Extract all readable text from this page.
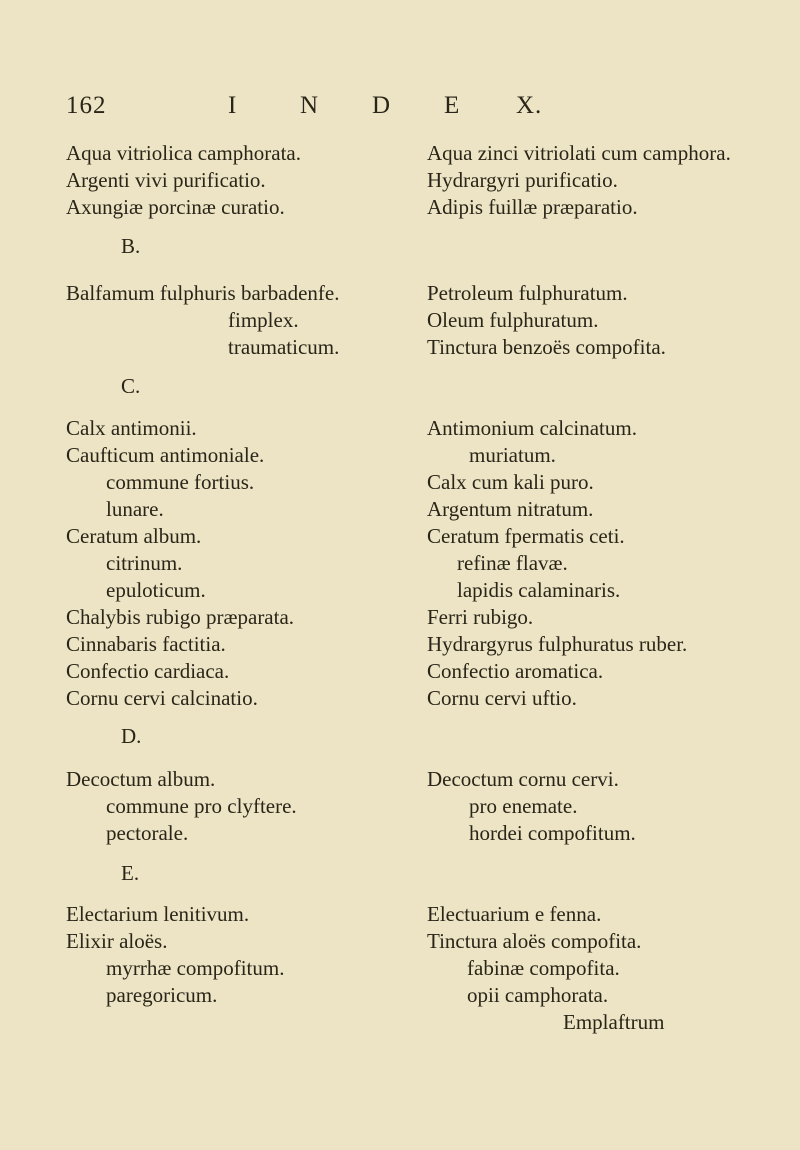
162	I	N D E X.
Aqua vitriolica camphorata.
Argenti vivi purificatio.
Axungiæ porcinæ curatio.
Aqua zinci vitriolati cum camphora.
Hydrargyri purificatio.
Adipis fuillæ præparatio.
B.
Balfamum fulphuris barbadenfe.
fimplex.
traumaticum.
Petroleum fulphuratum.
Oleum fulphuratum.
Tinctura benzoës compofita.
C.
Calx antimonii.
Caufticum antimoniale.
commune fortius.
lunare.
Ceratum album.
citrinum.
epuloticum.
Chalybis rubigo præparata.
Cinnabaris factitia.
Confectio cardiaca.
Cornu cervi calcinatio.
Antimonium calcinatum.
muriatum.
Calx cum kali puro.
Argentum nitratum.
Ceratum fpermatis ceti.
refinæ flavæ.
lapidis calaminaris.
Ferri rubigo.
Hydrargyrus fulphuratus ruber.
Confectio aromatica.
Cornu cervi uftio.
D.
Decoctum album.
commune pro clyftere.
pectorale.
Decoctum cornu cervi.
pro enemate.
hordei compofitum.
E.
Electarium lenitivum.
Elixir aloës.
myrrhæ compofitum.
paregoricum.
Electuarium e fenna.
Tinctura aloës compofita.
fabinæ compofita.
opii camphorata.
Emplaftrum
